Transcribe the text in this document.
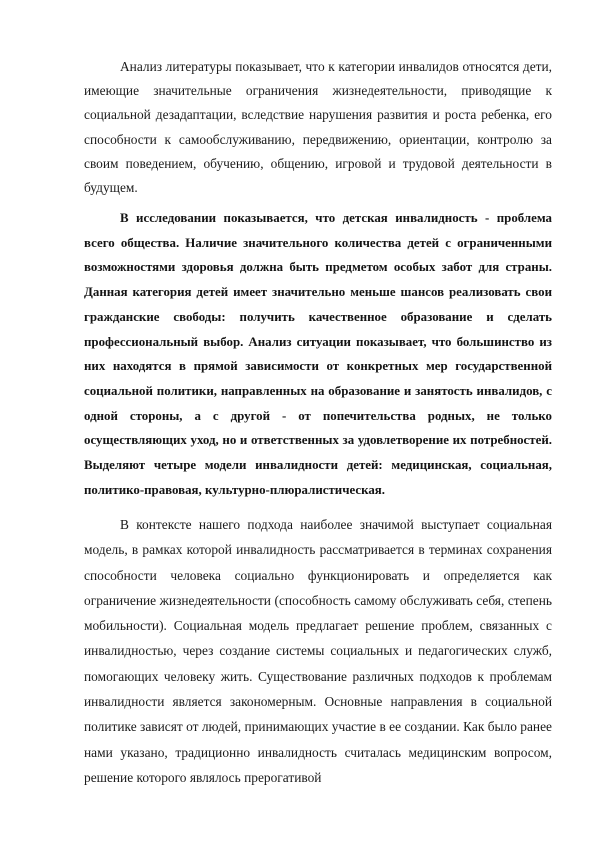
Анализ литературы показывает, что к категории инвалидов относятся дети, имеющие значительные ограничения жизнедеятельности, приводящие к социальной дезадаптации, вследствие нарушения развития и роста ребенка, его способности к самообслуживанию, передвижению, ориентации, контролю за своим поведением, обучению, общению, игровой и трудовой деятельности в будущем.

В исследовании показывается, что детская инвалидность - проблема всего общества. Наличие значительного количества детей с ограниченными возможностями здоровья должна быть предметом особых забот для страны. Данная категория детей имеет значительно меньше шансов реализовать свои гражданские свободы: получить качественное образование и сделать профессиональный выбор. Анализ ситуации показывает, что большинство из них находятся в прямой зависимости от конкретных мер государственной социальной политики, направленных на образование и занятость инвалидов, с одной стороны, а с другой - от попечительства родных, не только осуществляющих уход, но и ответственных за удовлетворение их потребностей. Выделяют четыре модели инвалидности детей: медицинская, социальная, политико-правовая, культурно-плюралистическая.

В контексте нашего подхода наиболее значимой выступает социальная модель, в рамках которой инвалидность рассматривается в терминах сохранения способности человека социально функционировать и определяется как ограничение жизнедеятельности (способность самому обслуживать себя, степень мобильности). Социальная модель предлагает решение проблем, связанных с инвалидностью, через создание системы социальных и педагогических служб, помогающих человеку жить. Существование различных подходов к проблемам инвалидности является закономерным. Основные направления в социальной политике зависят от людей, принимающих участие в ее создании. Как было ранее нами указано, традиционно инвалидность считалась медицинским вопросом, решение которого являлось прерогативой
